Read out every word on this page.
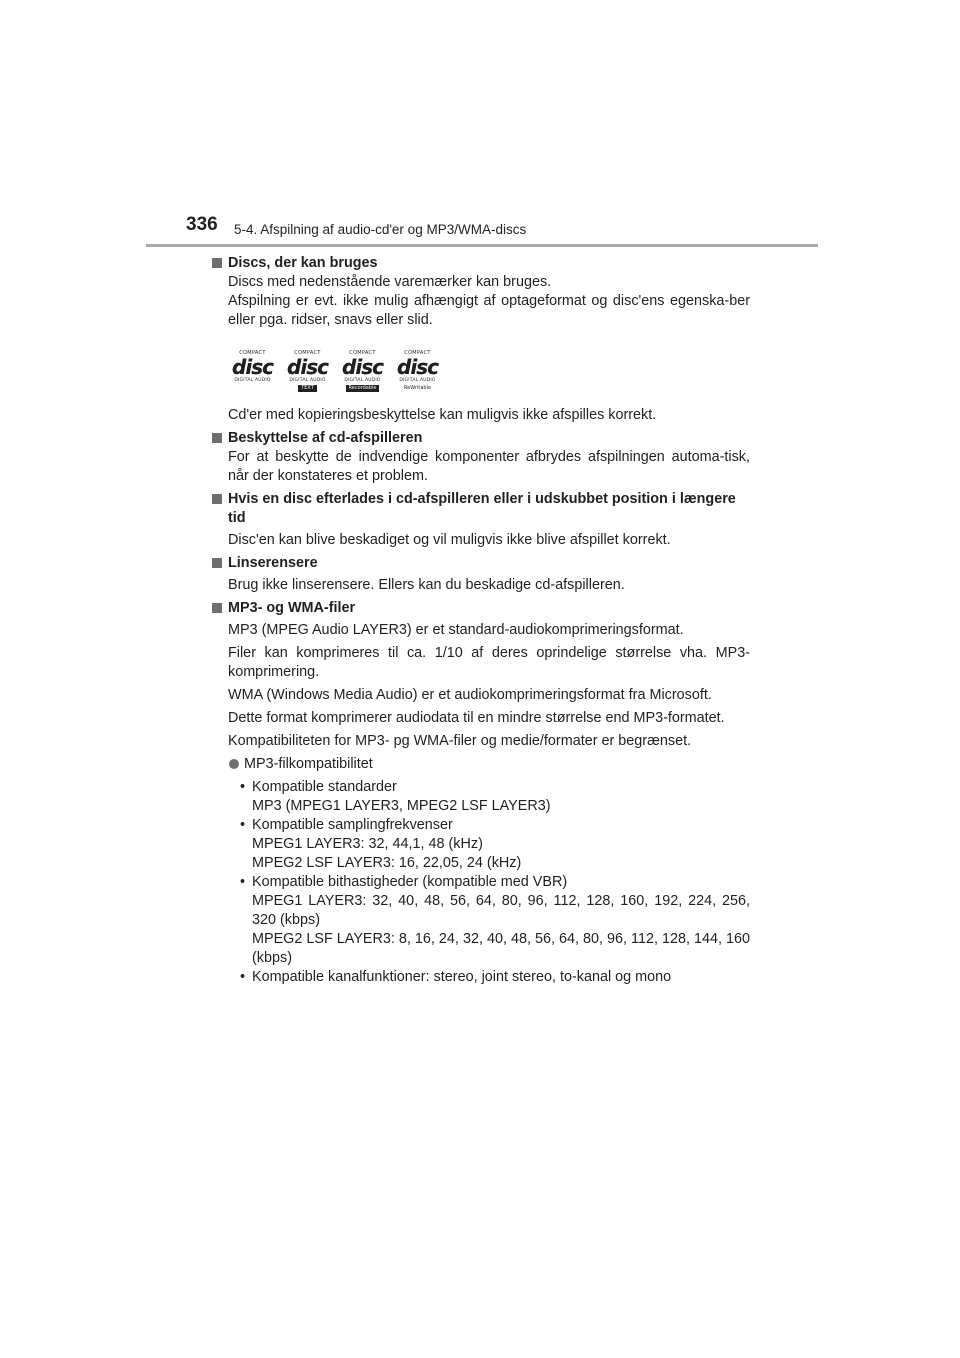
336 5-4. Afspilning af audio-cd'er og MP3/WMA-discs
Discs, der kan bruges
Discs med nedenstående varemærker kan bruges.
Afspilning er evt. ikke mulig afhængigt af optageformat og disc'ens egenska-ber eller pga. ridser, snavs eller slid.
COMPACT
disc
DIGITAL AUDIO
COMPACT
disc
DIGITAL AUDIO
TEXT
COMPACT
disc
DIGITAL AUDIO
Recordable
COMPACT
disc
DIGITAL AUDIO
ReWritable
Cd'er med kopieringsbeskyttelse kan muligvis ikke afspilles korrekt.
Beskyttelse af cd-afspilleren
For at beskytte de indvendige komponenter afbrydes afspilningen automa-tisk, når der konstateres et problem.
Hvis en disc efterlades i cd-afspilleren eller i udskubbet position i længere tid
Disc'en kan blive beskadiget og vil muligvis ikke blive afspillet korrekt.
Linserensere
Brug ikke linserensere. Ellers kan du beskadige cd-afspilleren.
MP3- og WMA-filer
MP3 (MPEG Audio LAYER3) er et standard-audiokomprimeringsformat.
Filer kan komprimeres til ca. 1/10 af deres oprindelige størrelse vha. MP3-komprimering.
WMA (Windows Media Audio) er et audiokomprimeringsformat fra Microsoft.
Dette format komprimerer audiodata til en mindre størrelse end MP3-formatet.
Kompatibiliteten for MP3- pg WMA-filer og medie/formater er begrænset.
MP3-filkompatibilitet
• Kompatible standarder
MP3 (MPEG1 LAYER3, MPEG2 LSF LAYER3)
• Kompatible samplingfrekvenser
MPEG1 LAYER3: 32, 44,1, 48 (kHz)
MPEG2 LSF LAYER3: 16, 22,05, 24 (kHz)
• Kompatible bithastigheder (kompatible med VBR)
MPEG1 LAYER3: 32, 40, 48, 56, 64, 80, 96, 112, 128, 160, 192, 224, 256, 320 (kbps)
MPEG2 LSF LAYER3: 8, 16, 24, 32, 40, 48, 56, 64, 80, 96, 112, 128, 144, 160 (kbps)
• Kompatible kanalfunktioner: stereo, joint stereo, to-kanal og mono
